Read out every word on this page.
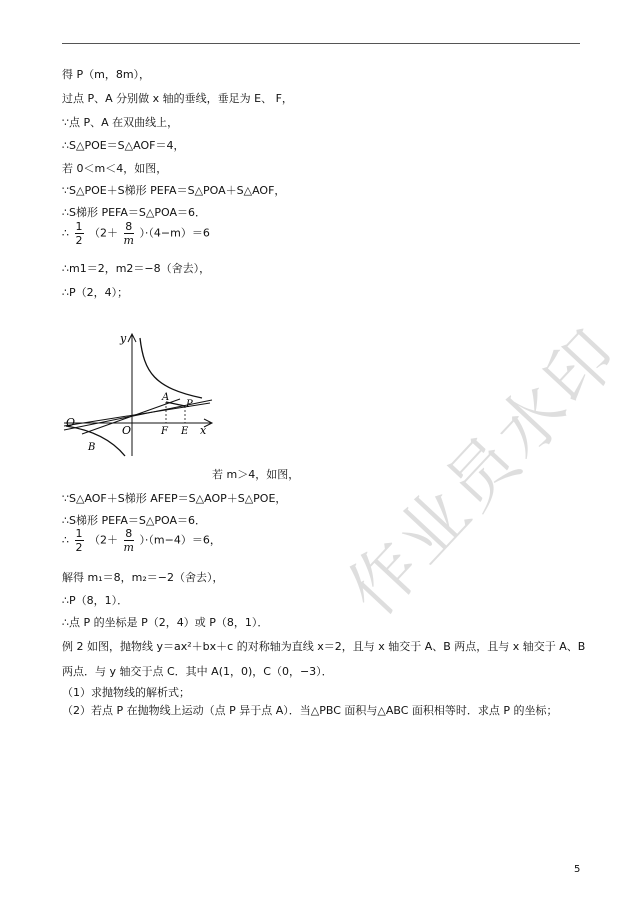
得 P（m，8m），
过点 P、A 分别做 x 轴的垂线，垂足为 E、 F，
∵点 P、A 在双曲线上，
∴S△POE＝S△AOF＝4，
若 0＜m＜4，如图，
∵S△POE＋S梯形 PEFA＝S△POA＋S△AOF，
∴S梯形 PEFA＝S△POA＝6．
∴ $\frac{1}{2} (2+ \frac{8}{m} )\cdot(4-m)=6$
∴m1＝2，m2＝−8（舍去），
∴P（2，4）；
y
x
O
O
A
P
B
F E
若 m＞4，如图，
∵S△AOF＋S梯形 AFEP＝S△AOP＋S△POE，
∴S梯形 PEFA＝S△POA＝6．
∴ $\frac{1}{2} (2+ \frac{8}{m} )\cdot(m-4)=6$，
解得 m₁＝8，m₂＝−2（舍去），
∴P（8，1）．
∴点 P 的坐标是 P（2，4）或 P（8，1）．
例 2 如图，抛物线 y＝ax²＋bx＋c 的对称轴为直线 x＝2，且与 x 轴交于 A、B 两点，且与 x 轴交于 A、B
两点．与 y 轴交于点 C．其中 A(1，0)，C（0，−3）．
（1）求抛物线的解析式；
（2）若点 P 在抛物线上运动（点 P 异于点 A）．当△PBC 面积与△ABC 面积相等时．求点 P 的坐标；
作业员水印
5
